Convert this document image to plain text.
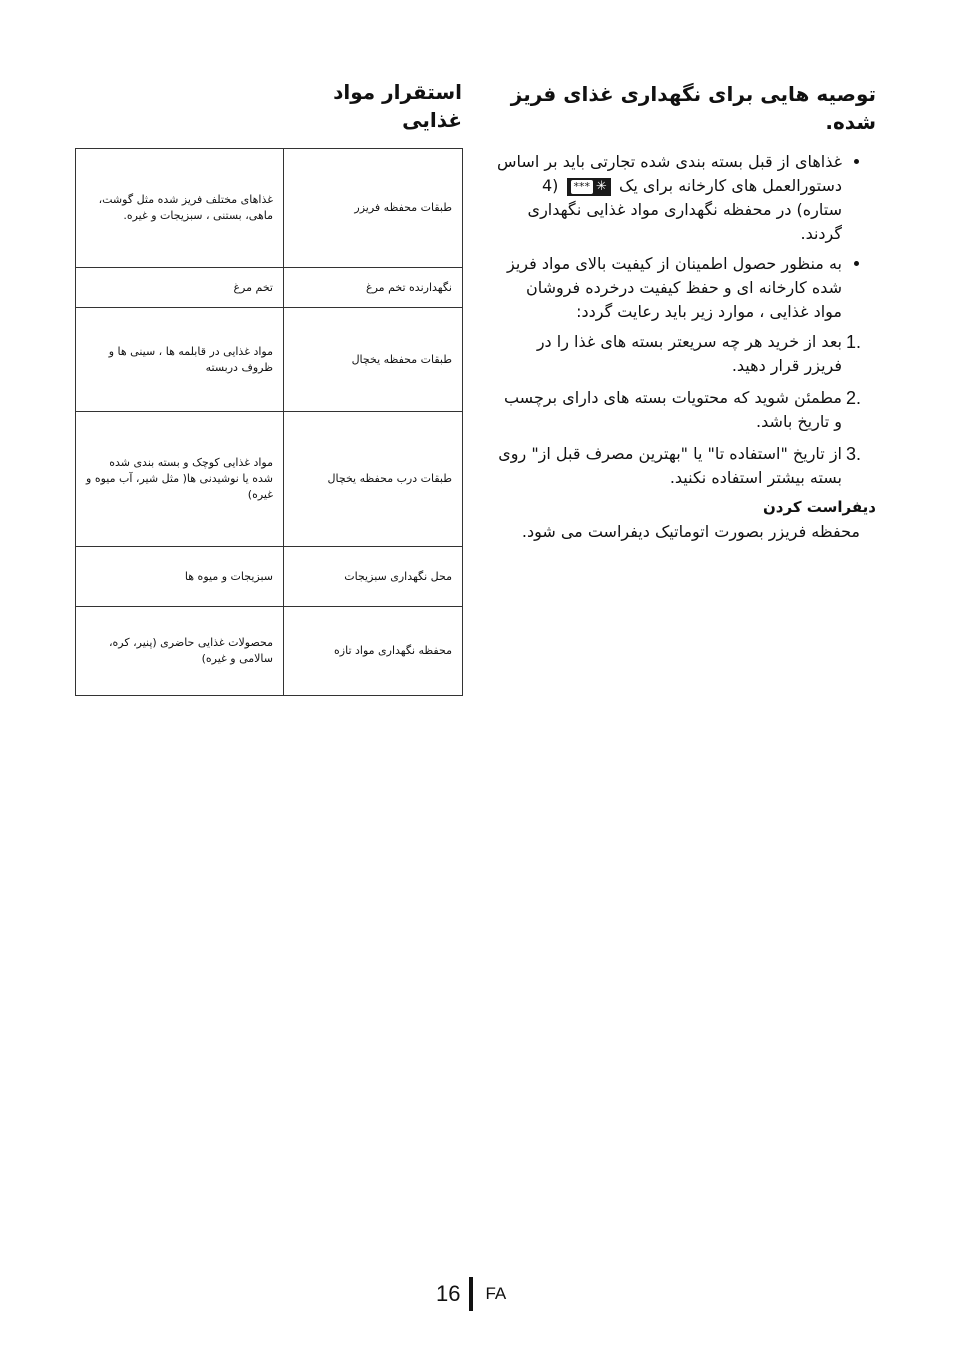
استقرار مواد غذایی
طبقات محفظه فریزر	غذاهای مختلف فریز شده مثل گوشت، ماهی، بستنی ، سبزیجات و غیره.
نگهدارنده تخم مرغ	تخم مرغ
طبقات محفظه یخچال	مواد غذایی در قابلمه ها ، سینی ها و ظروف دربسته
طبقات درب محفظه یخچال	مواد غذایی کوچک و بسته بندی شده شده یا نوشیدنی ها( مثل شیر، آب میوه و غیره)
محل نگهداری سبزیجات	سبزیجات و میوه ها
محفظه نگهداری مواد تازه	محصولات غذایی حاضری (پنیر، کره، سالامی و غیره)
توصیه هایی برای نگهداری غذای فریز شده.
• غذاهای از قبل بسته بندی شده تجارتی باید بر اساس دستورالعمل های کارخانه برای یک
*** ✳
(4 ستاره) در محفظه نگهداری مواد غذایی نگهداری گردند.
• به منظور حصول اطمینان از کیفیت بالای مواد فریز شده کارخانه ای و حفظ کیفیت درخرده فروشان مواد غذایی ، موارد زیر باید رعایت گردد:
1.
بعد از خرید هر چه سریعتر بسته های غذا را در فریزر قرار دهید.
2.
مطمئن شوید که محتویات بسته های دارای برچسب و تاریخ باشد.
3.
از تاریخ "استفاده تا" یا "بهترین مصرف قبل از" روی بسته بیشتر استفاده نکنید.
دیفراست کردن

محفظه فریزر بصورت اتوماتیک دیفراست می شود.

16 FA
